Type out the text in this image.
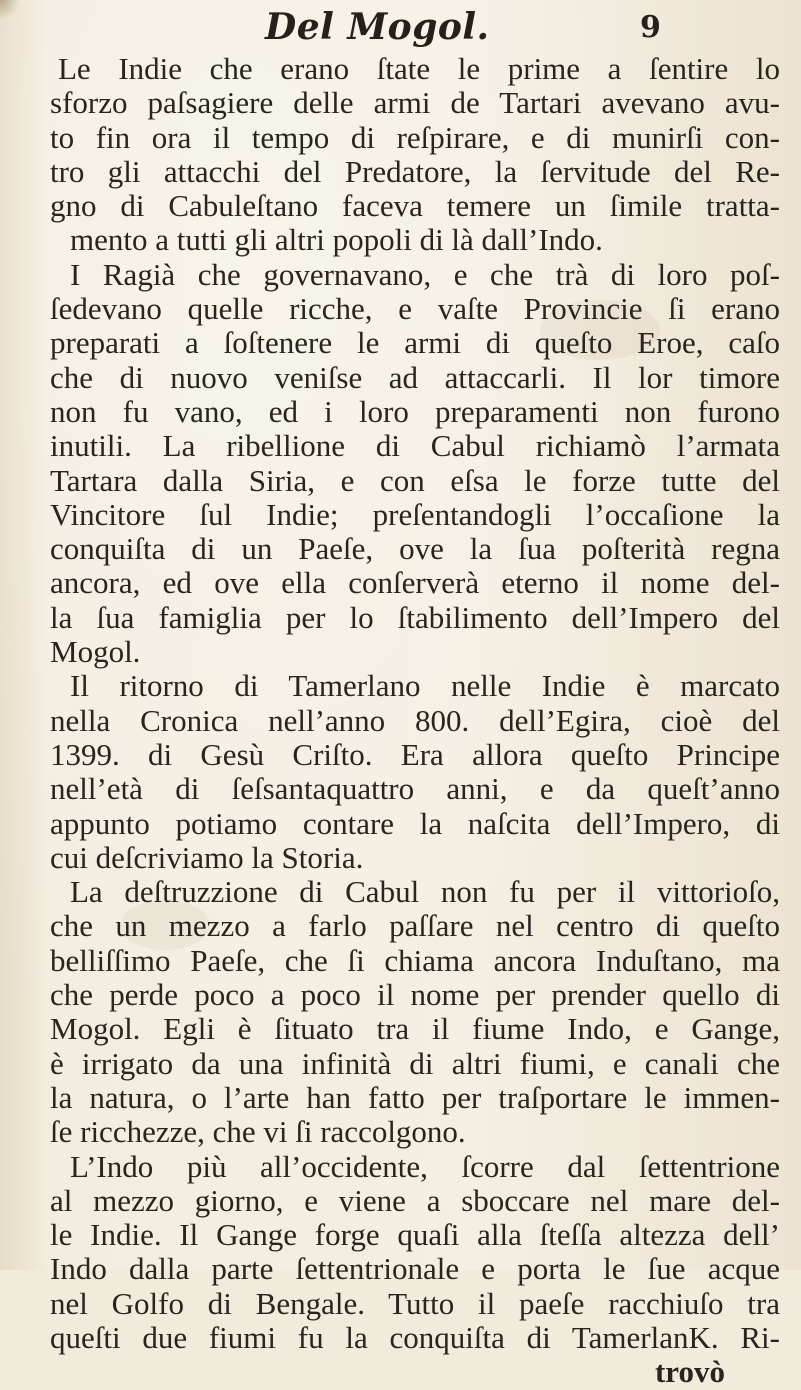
Del Mogol.	9
Le Indie che erano ſtate le prime a ſentire lo
sforzo paſsagiere delle armi de Tartari avevano avu-
to fin ora il tempo di reſpirare, e di munirſi con-
tro gli attacchi del Predatore, la ſervitude del Re-
gno di Cabuleſtano faceva temere un ſimile tratta-
mento a tutti gli altri popoli di là dall’Indo.
I Ragià che governavano, e che trà di loro poſ-
ſedevano quelle ricche, e vaſte Provincie ſi erano
preparati a ſoſtenere le armi di queſto Eroe, caſo
che di nuovo veniſse ad attaccarli. Il lor timore
non fu vano, ed i loro preparamenti non furono
inutili. La ribellione di Cabul richiamò l’armata
Tartara dalla Siria, e con eſsa le forze tutte del
Vincitore ſul Indie; preſentandogli l’occaſione la
conquiſta di un Paeſe, ove la ſua poſterità regna
ancora, ed ove ella conſerverà eterno il nome del-
la ſua famiglia per lo ſtabilimento dell’Impero del
Mogol.
Il ritorno di Tamerlano nelle Indie è marcato
nella Cronica nell’anno 800. dell’Egira, cioè del
1399. di Gesù Criſto. Era allora queſto Principe
nell’età di ſeſsantaquattro anni, e da queſt’anno
appunto potiamo contare la naſcita dell’Impero, di
cui deſcriviamo la Storia.
La deſtruzzione di Cabul non fu per il vittorioſo,
che un mezzo a farlo paſſare nel centro di queſto
belliſſimo Paeſe, che ſi chiama ancora Induſtano, ma
che perde poco a poco il nome per prender quello di
Mogol. Egli è ſituato tra il fiume Indo, e Gange,
è irrigato da una infinità di altri fiumi, e canali che
la natura, o l’arte han fatto per traſportare le immen-
ſe ricchezze, che vi ſi raccolgono.
L’Indo più all’occidente, ſcorre dal ſettentrione
al mezzo giorno, e viene a sboccare nel mare del-
le Indie. Il Gange forge quaſi alla ſteſſa altezza dell’
Indo dalla parte ſettentrionale e porta le ſue acque
nel Golfo di Bengale. Tutto il paeſe racchiuſo tra
queſti due fiumi fu la conquiſta di TamerlanK. Ri-
trovò
